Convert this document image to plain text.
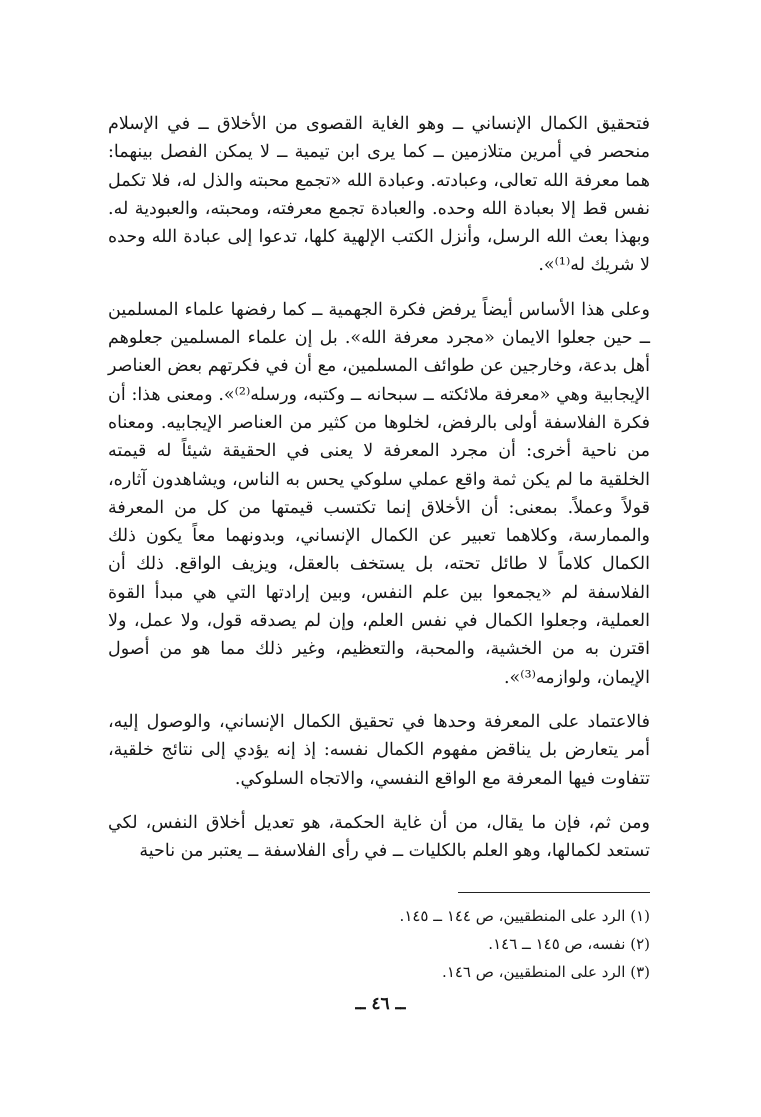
فتحقيق الكمال الإنساني ــ وهو الغاية القصوى من الأخلاق ــ في الإسلام منحصر في أمرين متلازمين ــ كما يرى ابن تيمية ــ لا يمكن الفصل بينهما: هما معرفة الله تعالى، وعبادته. وعبادة الله «تجمع محبته والذل له، فلا تكمل نفس قط إلا بعبادة الله وحده. والعبادة تجمع معرفته، ومحبته، والعبودية له. وبهذا بعث الله الرسل، وأنزل الكتب الإلهية كلها، تدعوا إلى عبادة الله وحده لا شريك له⁽¹⁾».

وعلى هذا الأساس أيضاً يرفض فكرة الجهمية ــ كما رفضها علماء المسلمين ــ حين جعلوا الايمان «مجرد معرفة الله». بل إن علماء المسلمين جعلوهم أهل بدعة، وخارجين عن طوائف المسلمين، مع أن في فكرتهم بعض العناصر الإيجابية وهي «معرفة ملائكته ــ سبحانه ــ وكتبه، ورسله⁽²⁾». ومعنى هذا: أن فكرة الفلاسفة أولى بالرفض، لخلوها من كثير من العناصر الإيجابيه. ومعناه من ناحية أخرى: أن مجرد المعرفة لا يعنى في الحقيقة شيئاً له قيمته الخلقية ما لم يكن ثمة واقع عملي سلوكي يحس به الناس، ويشاهدون آثاره، قولاً وعملاً. بمعنى: أن الأخلاق إنما تكتسب قيمتها من كل من المعرفة والممارسة، وكلاهما تعبير عن الكمال الإنساني، وبدونهما معاً يكون ذلك الكمال كلاماً لا طائل تحته، بل يستخف بالعقل، ويزيف الواقع. ذلك أن الفلاسفة لم «يجمعوا بين علم النفس، وبين إرادتها التي هي مبدأ القوة العملية، وجعلوا الكمال في نفس العلم، وإن لم يصدقه قول، ولا عمل، ولا اقترن به من الخشية، والمحبة، والتعظيم، وغير ذلك مما هو من أصول الإيمان، ولوازمه⁽³⁾».

فالاعتماد على المعرفة وحدها في تحقيق الكمال الإنساني، والوصول إليه، أمر يتعارض بل يناقض مفهوم الكمال نفسه: إذ إنه يؤدي إلى نتائج خلقية، تتفاوت فيها المعرفة مع الواقع النفسي، والاتجاه السلوكي.

ومن ثم، فإن ما يقال، من أن غاية الحكمة، هو تعديل أخلاق النفس، لكي تستعد لكمالها، وهو العلم بالكليات ــ في رأى الفلاسفة ــ يعتبر من ناحية

(١) الرد على المنطقيين، ص ١٤٤ ــ ١٤٥.

(٢) نفسه، ص ١٤٥ ــ ١٤٦.

(٣) الرد على المنطقيين، ص ١٤٦.

ــ ٤٦ ــ
